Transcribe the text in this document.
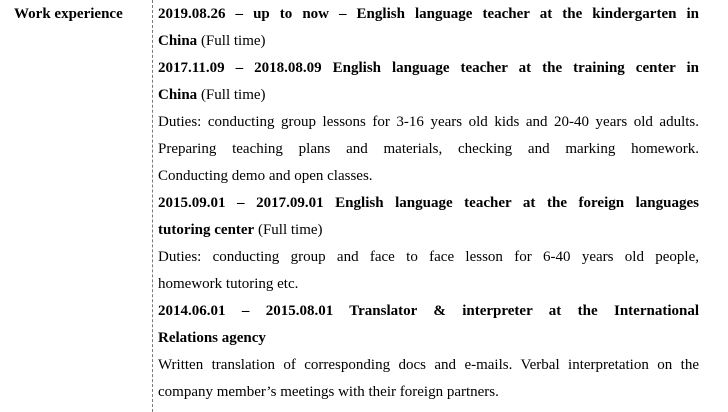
Work experience 2019.08.26 – up to now – English language teacher at the kindergarten in
China (Full time)
2017.11.09 – 2018.08.09 English language teacher at the training center in
China (Full time)
Duties: conducting group lessons for 3-16 years old kids and 20-40 years old adults.
Preparing teaching plans and materials, checking and marking homework.
Conducting demo and open classes.
2015.09.01 – 2017.09.01 English language teacher at the foreign languages
tutoring center (Full time)
Duties: conducting group and face to face lesson for 6-40 years old people,
homework tutoring etc.
2014.06.01 – 2015.08.01 Translator & interpreter at the International
Relations agency
Written translation of corresponding docs and e-mails. Verbal interpretation on the
company member’s meetings with their foreign partners.
